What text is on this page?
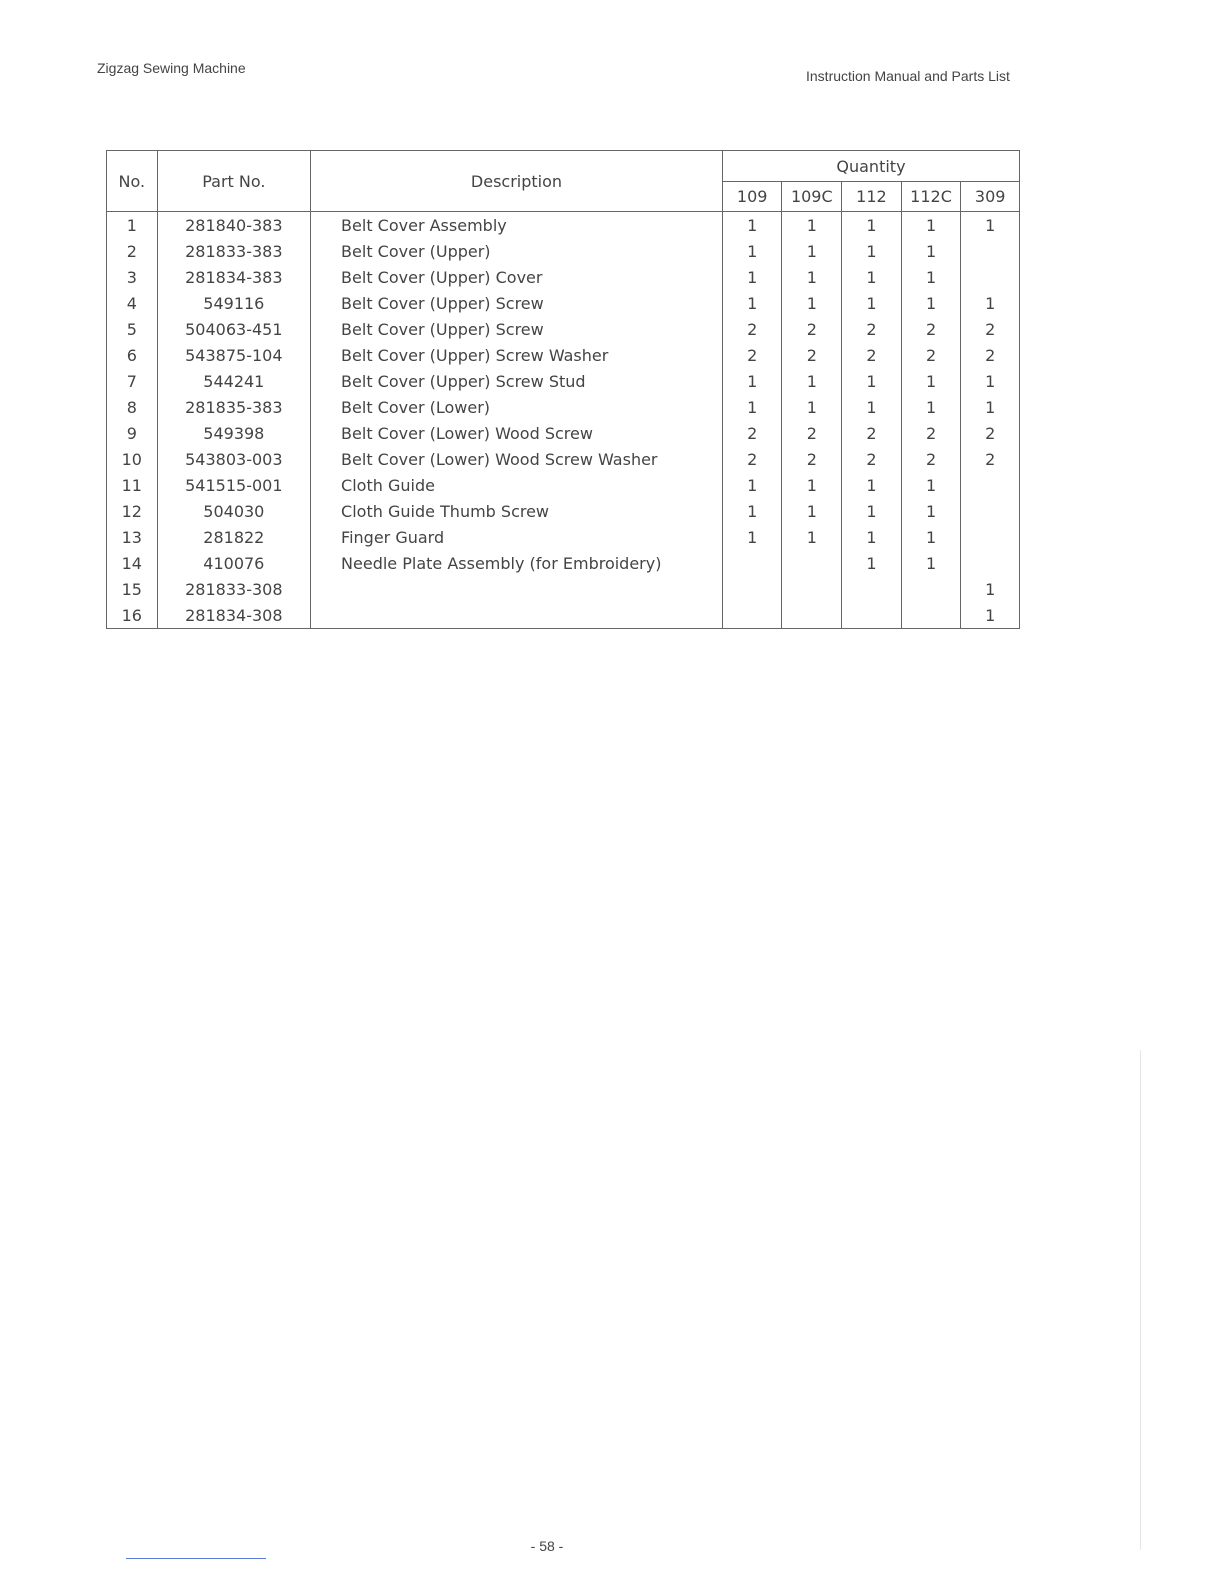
Zigzag Sewing Machine	Instruction Manual and Parts List
No.	Part No.	Description	Quantity				
			109	109C	112	112C	309
1	281840-383	Belt Cover Assembly	1	1	1	1	1
2	281833-383	Belt Cover (Upper)	1	1	1	1	
3	281834-383	Belt Cover (Upper) Cover	1	1	1	1	
4	549116	Belt Cover (Upper) Screw	1	1	1	1	1
5	504063-451	Belt Cover (Upper) Screw	2	2	2	2	2
6	543875-104	Belt Cover (Upper) Screw Washer	2	2	2	2	2
7	544241	Belt Cover (Upper) Screw Stud	1	1	1	1	1
8	281835-383	Belt Cover (Lower)	1	1	1	1	1
9	549398	Belt Cover (Lower) Wood Screw	2	2	2	2	2
10	543803-003	Belt Cover (Lower) Wood Screw Washer	2	2	2	2	2
11	541515-001	Cloth Guide	1	1	1	1	
12	504030	Cloth Guide Thumb Screw	1	1	1	1	
13	281822	Finger Guard	1	1	1	1	
14	410076	Needle Plate Assembly (for Embroidery)			1	1	
15	281833-308						1
16	281834-308						1
- 58 -
